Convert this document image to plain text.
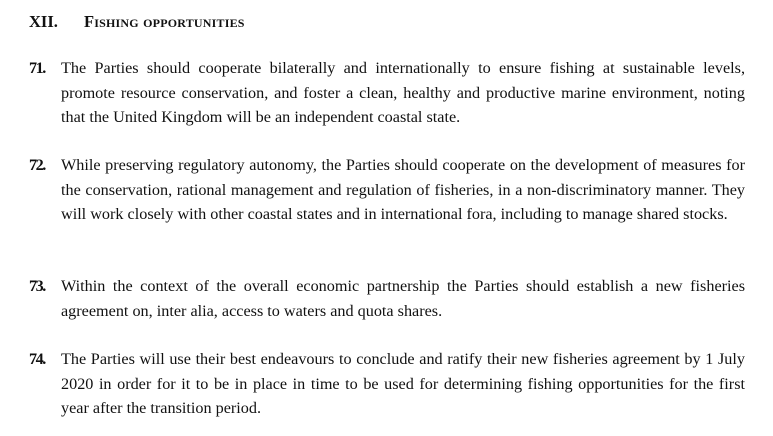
XII. Fishing opportunities
71. The Parties should cooperate bilaterally and internationally to ensure fishing at sustainable levels, promote resource conservation, and foster a clean, healthy and productive marine environment, noting that the United Kingdom will be an independent coastal state.
72. While preserving regulatory autonomy, the Parties should cooperate on the development of measures for the conservation, rational management and regulation of fisheries, in a non-discriminatory manner. They will work closely with other coastal states and in international fora, including to manage shared stocks.
73. Within the context of the overall economic partnership the Parties should establish a new fisheries agreement on, inter alia, access to waters and quota shares.
74. The Parties will use their best endeavours to conclude and ratify their new fisheries agreement by 1 July 2020 in order for it to be in place in time to be used for determining fishing opportunities for the first year after the transition period.
